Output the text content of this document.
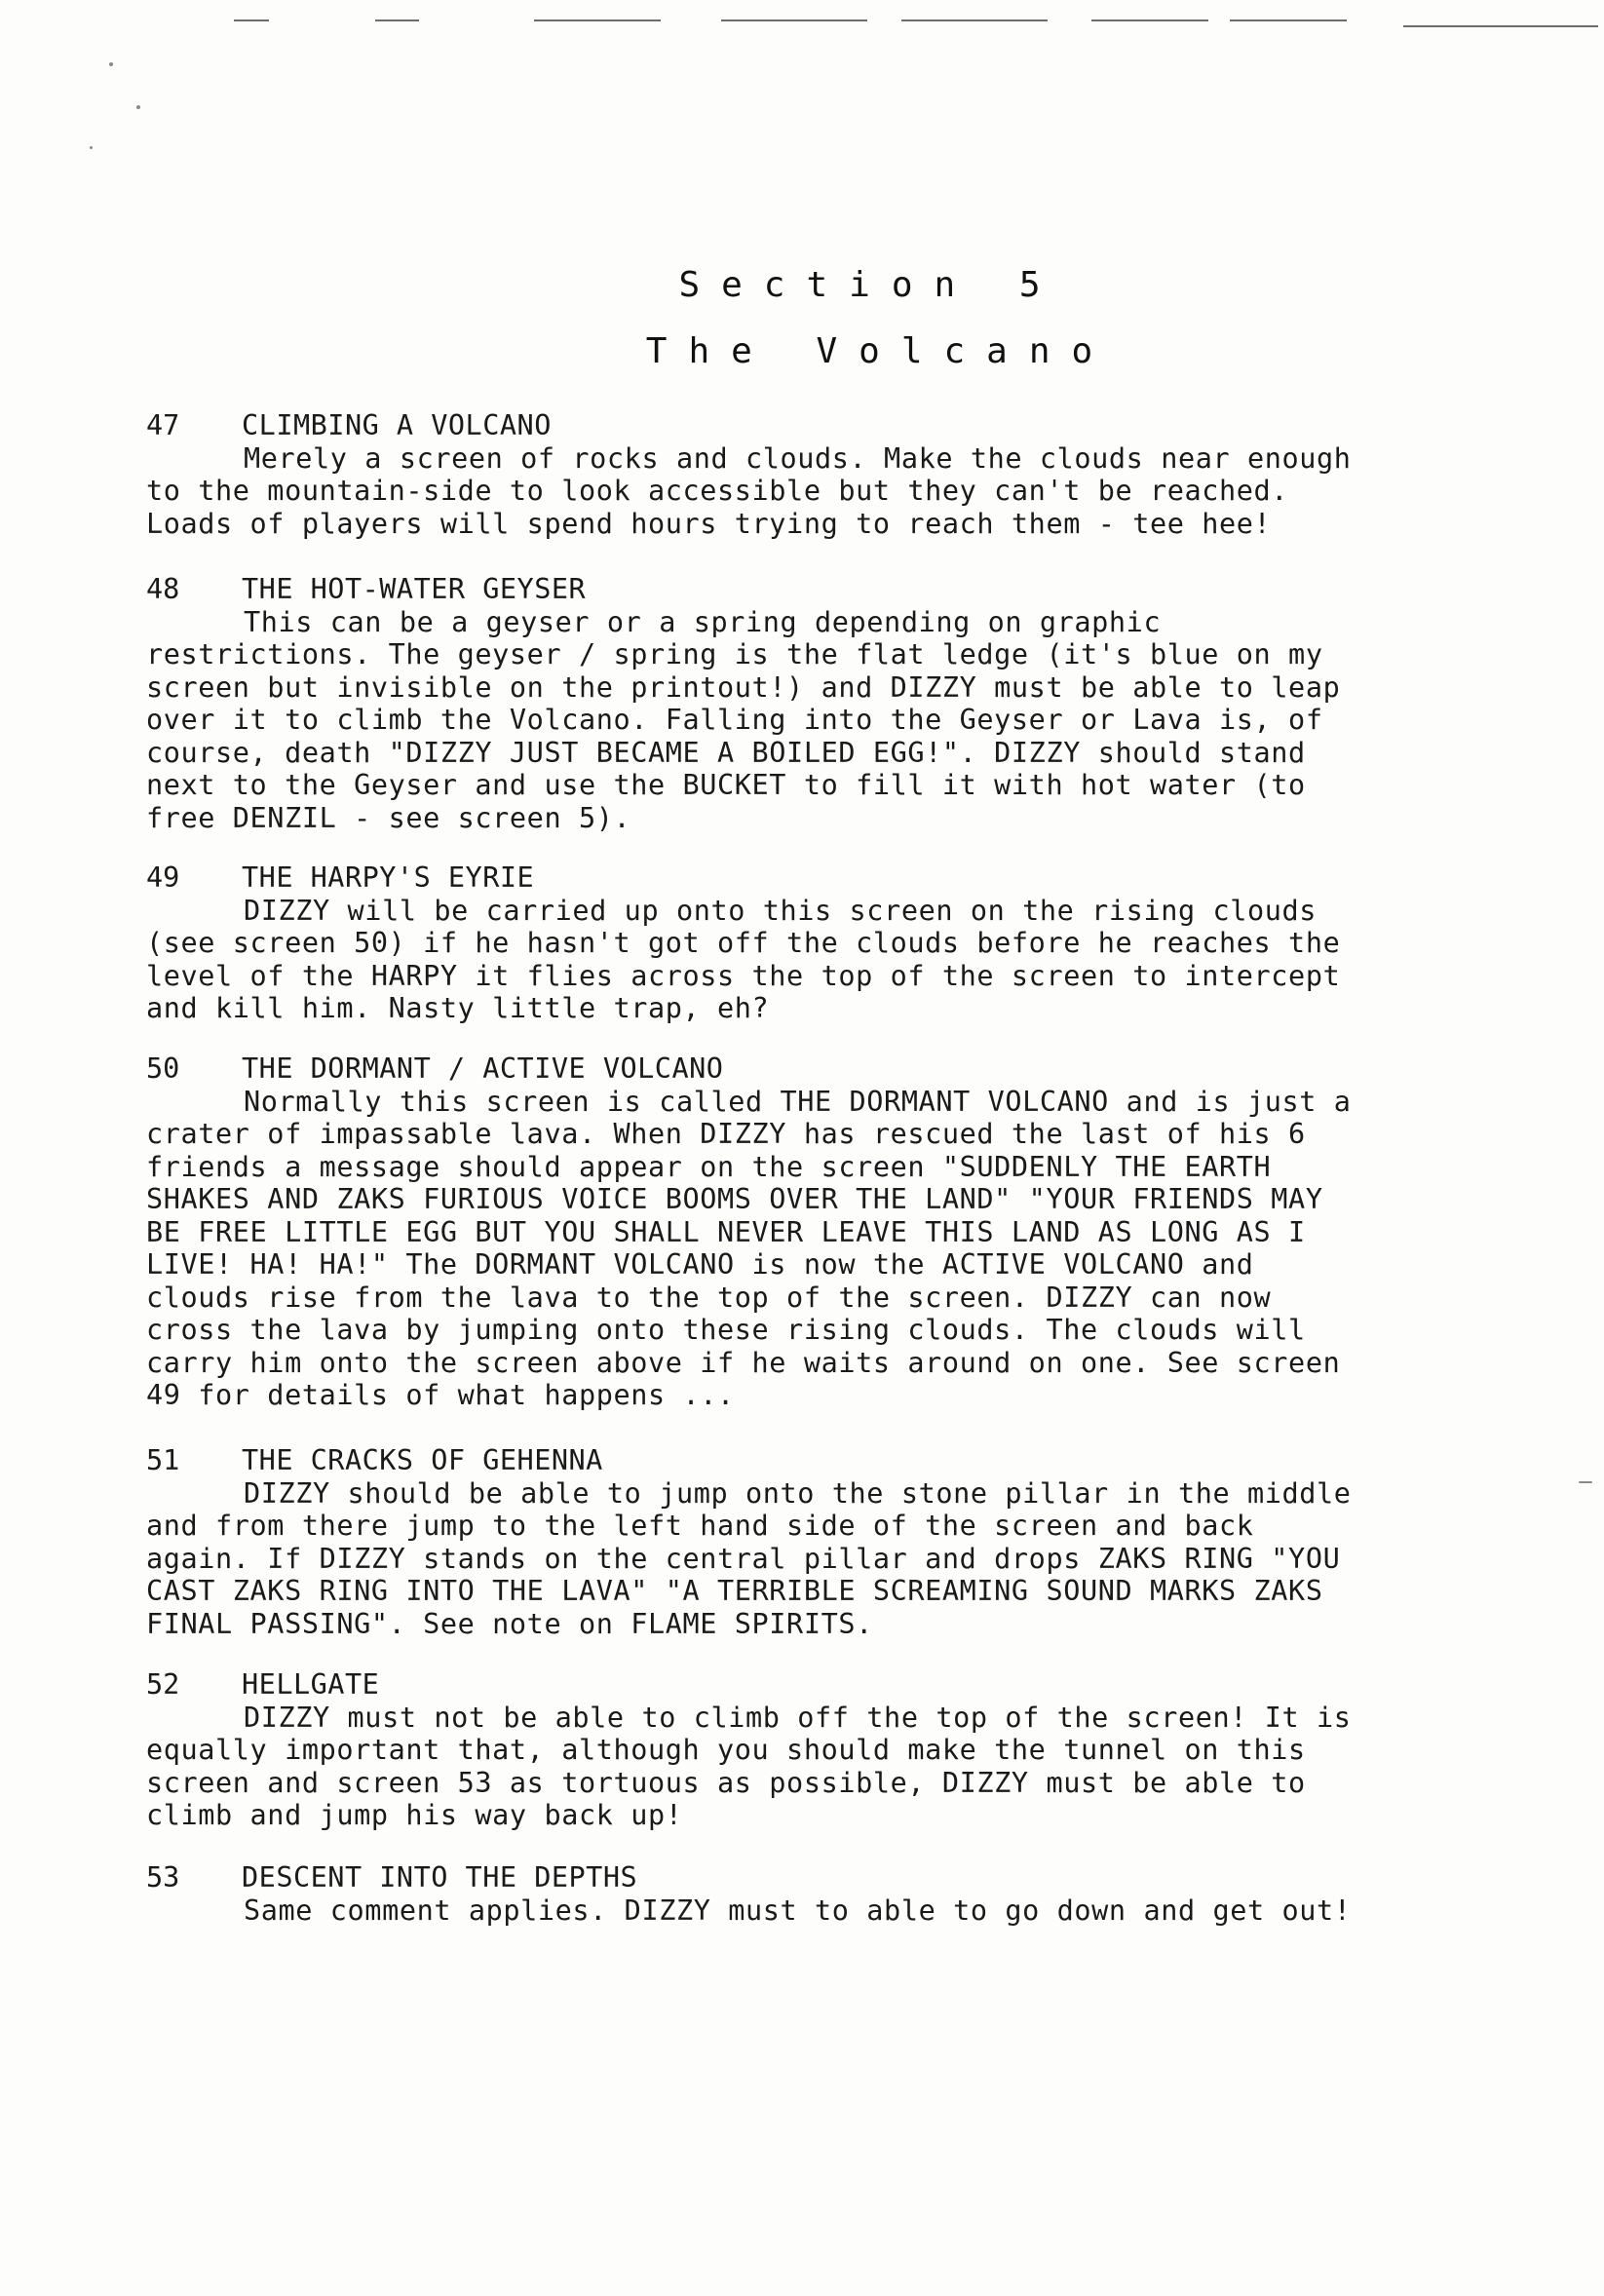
Section 5
The Volcano
47 CLIMBING A VOLCANO
Merely a screen of rocks and clouds. Make the clouds near enough
to the mountain-side to look accessible but they can't be reached.
Loads of players will spend hours trying to reach them - tee hee!
48 THE HOT-WATER GEYSER
This can be a geyser or a spring depending on graphic
restrictions. The geyser / spring is the flat ledge (it's blue on my
screen but invisible on the printout!) and DIZZY must be able to leap
over it to climb the Volcano. Falling into the Geyser or Lava is, of
course, death "DIZZY JUST BECAME A BOILED EGG!". DIZZY should stand
next to the Geyser and use the BUCKET to fill it with hot water (to
free DENZIL - see screen 5).
49 THE HARPY'S EYRIE
DIZZY will be carried up onto this screen on the rising clouds
(see screen 50) if he hasn't got off the clouds before he reaches the
level of the HARPY it flies across the top of the screen to intercept
and kill him. Nasty little trap, eh?
50 THE DORMANT / ACTIVE VOLCANO
Normally this screen is called THE DORMANT VOLCANO and is just a
crater of impassable lava. When DIZZY has rescued the last of his 6
friends a message should appear on the screen "SUDDENLY THE EARTH
SHAKES AND ZAKS FURIOUS VOICE BOOMS OVER THE LAND" "YOUR FRIENDS MAY
BE FREE LITTLE EGG BUT YOU SHALL NEVER LEAVE THIS LAND AS LONG AS I
LIVE! HA! HA!" The DORMANT VOLCANO is now the ACTIVE VOLCANO and
clouds rise from the lava to the top of the screen. DIZZY can now
cross the lava by jumping onto these rising clouds. The clouds will
carry him onto the screen above if he waits around on one. See screen
49 for details of what happens ...
51 THE CRACKS OF GEHENNA
DIZZY should be able to jump onto the stone pillar in the middle
and from there jump to the left hand side of the screen and back
again. If DIZZY stands on the central pillar and drops ZAKS RING "YOU
CAST ZAKS RING INTO THE LAVA" "A TERRIBLE SCREAMING SOUND MARKS ZAKS
FINAL PASSING". See note on FLAME SPIRITS.
52 HELLGATE
DIZZY must not be able to climb off the top of the screen! It is
equally important that, although you should make the tunnel on this
screen and screen 53 as tortuous as possible, DIZZY must be able to
climb and jump his way back up!
53 DESCENT INTO THE DEPTHS
Same comment applies. DIZZY must to able to go down and get out!
